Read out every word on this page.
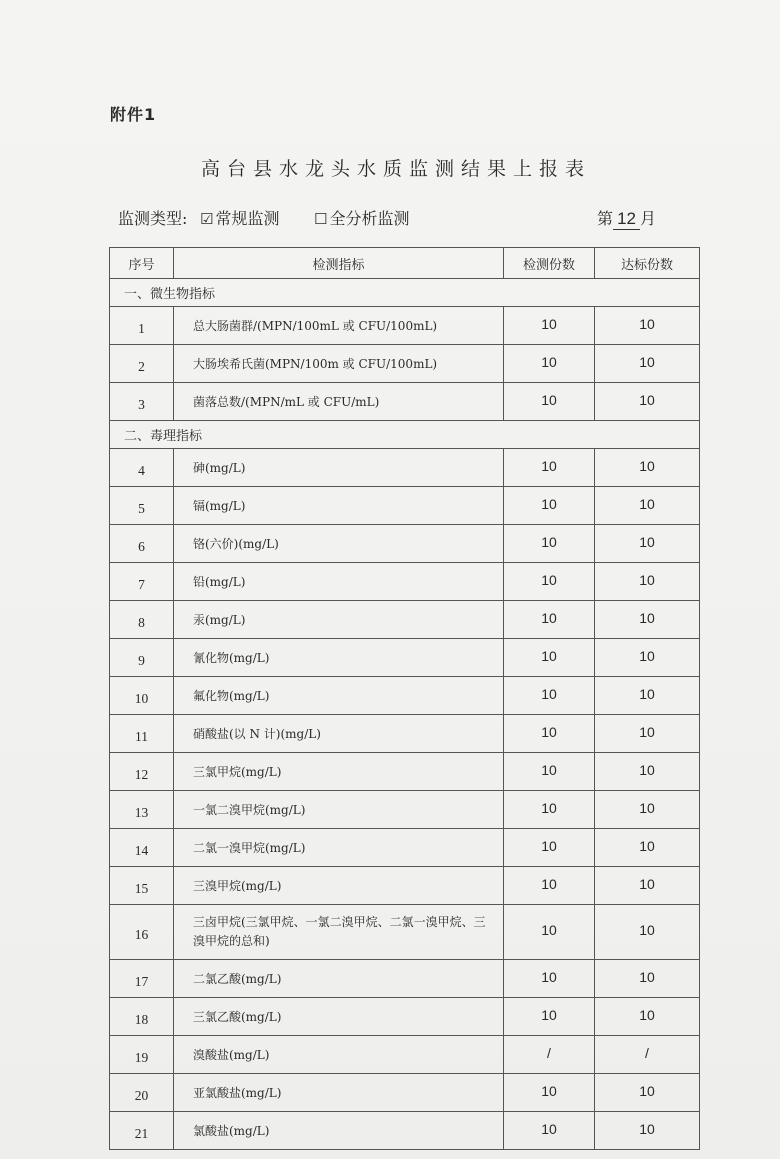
附件1
高台县水龙头水质监测结果上报表
监测类型: ☑ 常规监测 ☐ 全分析监测	第 12 月
序号	检测指标	检测份数	达标份数
一、微生物指标			
1	总大肠菌群/(MPN/100mL 或 CFU/100mL)	10	10
2	大肠埃希氏菌(MPN/100m 或 CFU/100mL)	10	10
3	菌落总数/(MPN/mL 或 CFU/mL)	10	10
二、毒理指标			
4	砷(mg/L)	10	10
5	镉(mg/L)	10	10
6	铬(六价)(mg/L)	10	10
7	铅(mg/L)	10	10
8	汞(mg/L)	10	10
9	氰化物(mg/L)	10	10
10	氟化物(mg/L)	10	10
11	硝酸盐(以 N 计)(mg/L)	10	10
12	三氯甲烷(mg/L)	10	10
13	一氯二溴甲烷(mg/L)	10	10
14	二氯一溴甲烷(mg/L)	10	10
15	三溴甲烷(mg/L)	10	10
16	三卤甲烷(三氯甲烷、一氯二溴甲烷、二氯一溴甲烷、三溴甲烷的总和)	10	10
17	二氯乙酸(mg/L)	10	10
18	三氯乙酸(mg/L)	10	10
19	溴酸盐(mg/L)	/	/
20	亚氯酸盐(mg/L)	10	10
21	氯酸盐(mg/L)	10	10
